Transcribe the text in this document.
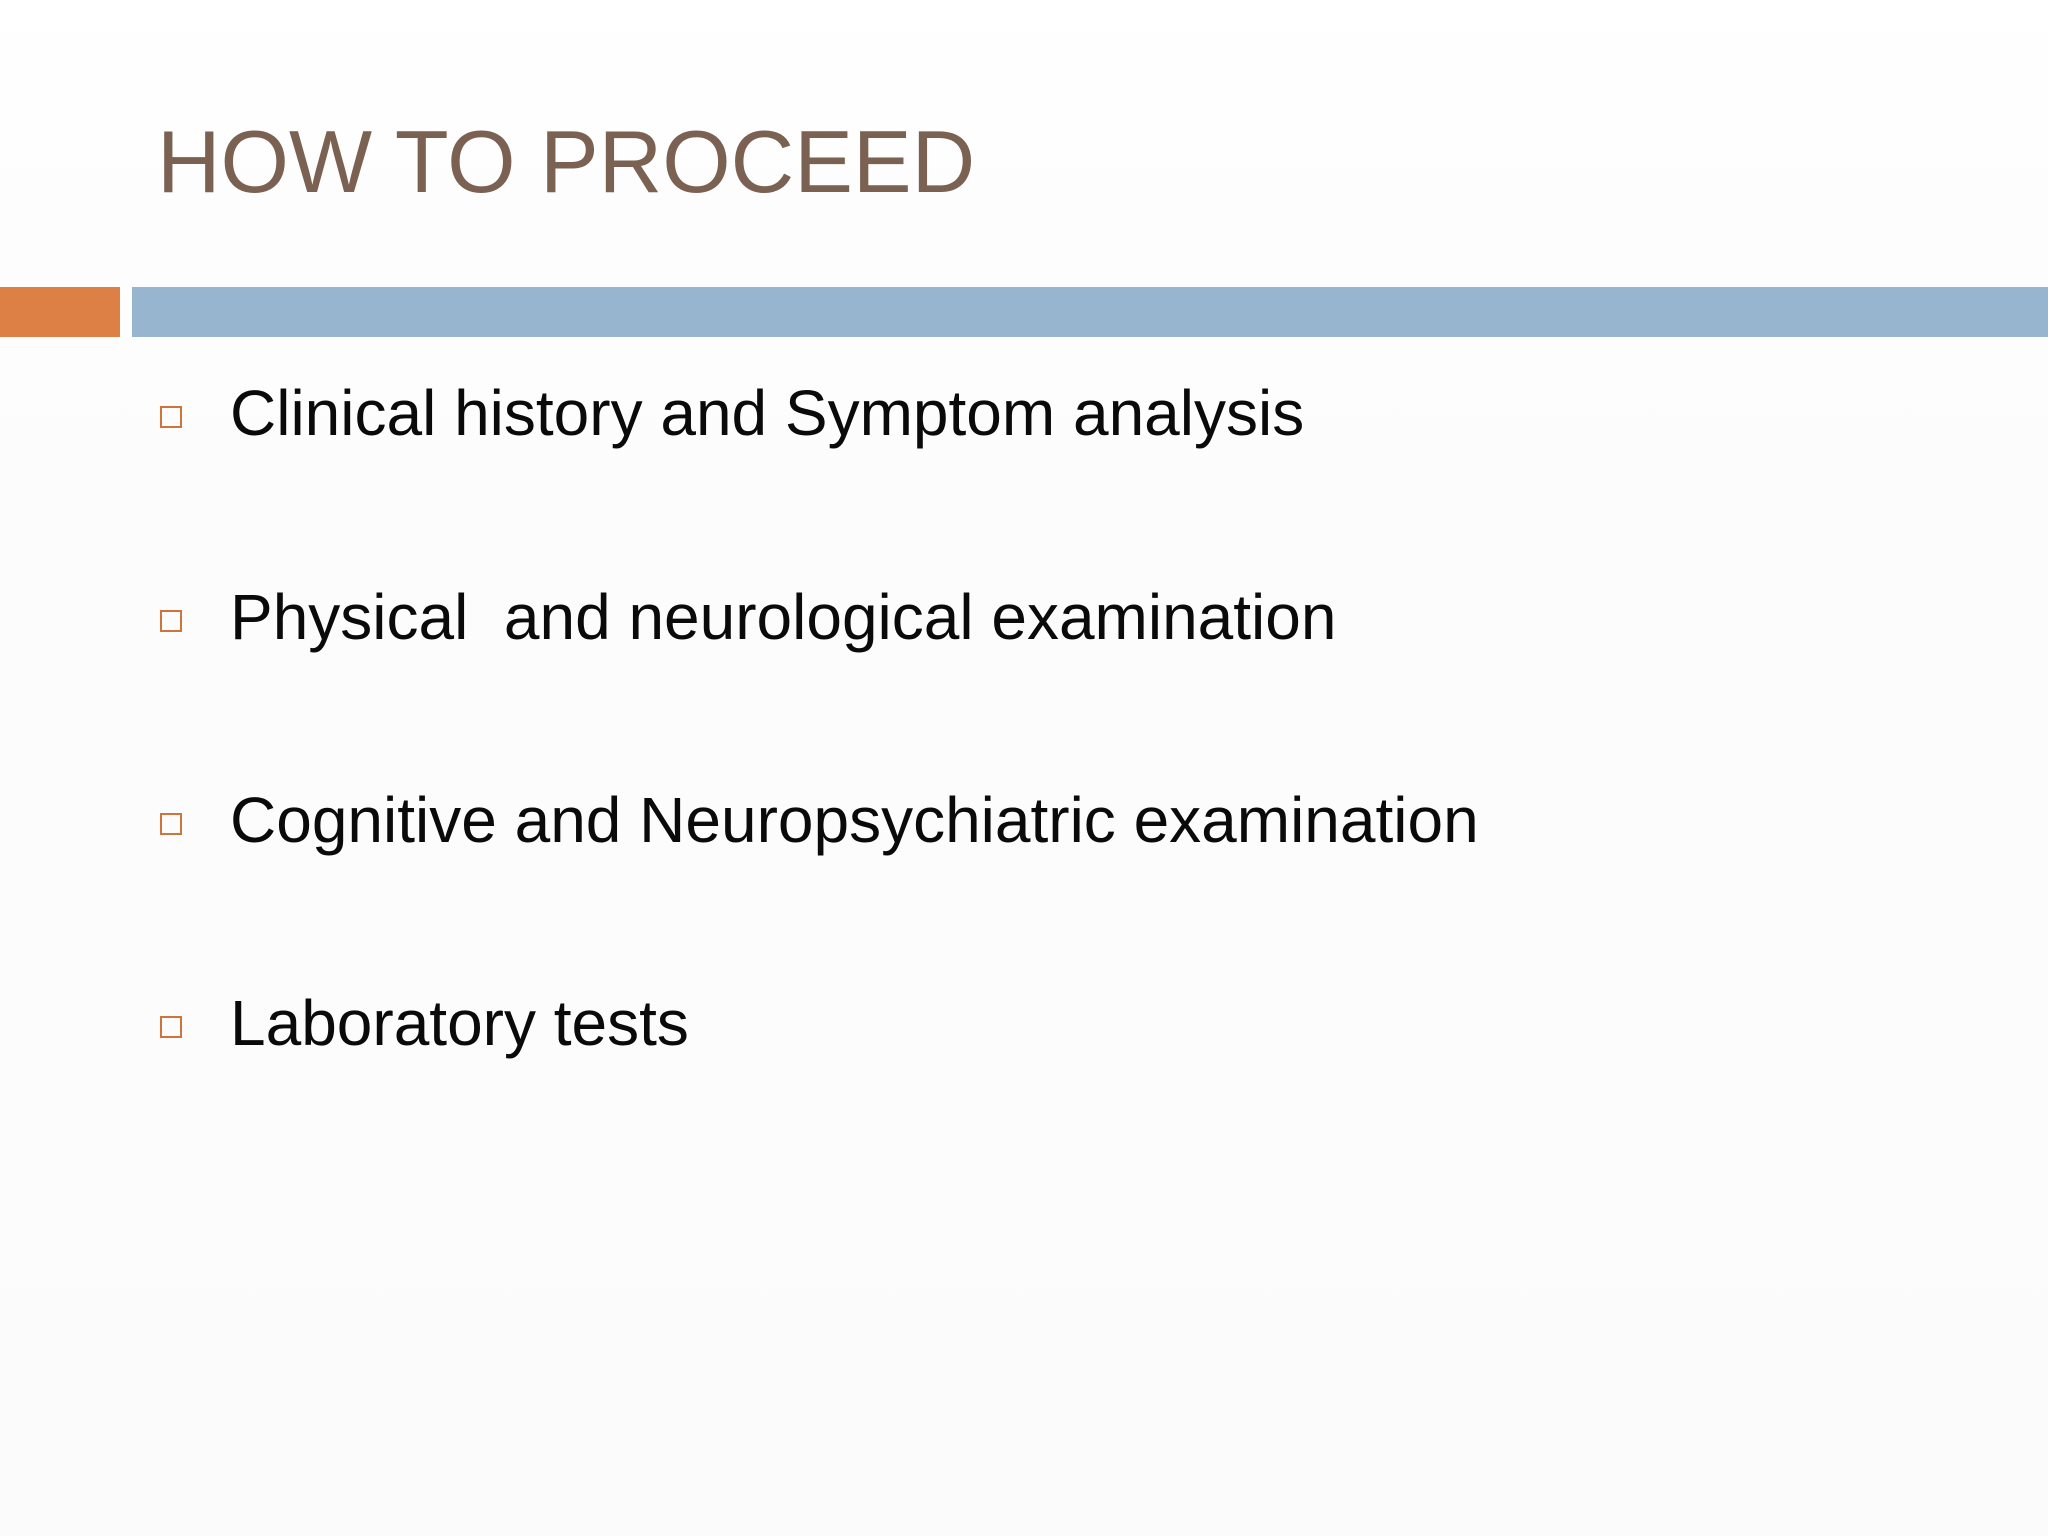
HOW TO PROCEED
Clinical history and Symptom analysis
Physical  and neurological examination
Cognitive and Neuropsychiatric examination
Laboratory tests
